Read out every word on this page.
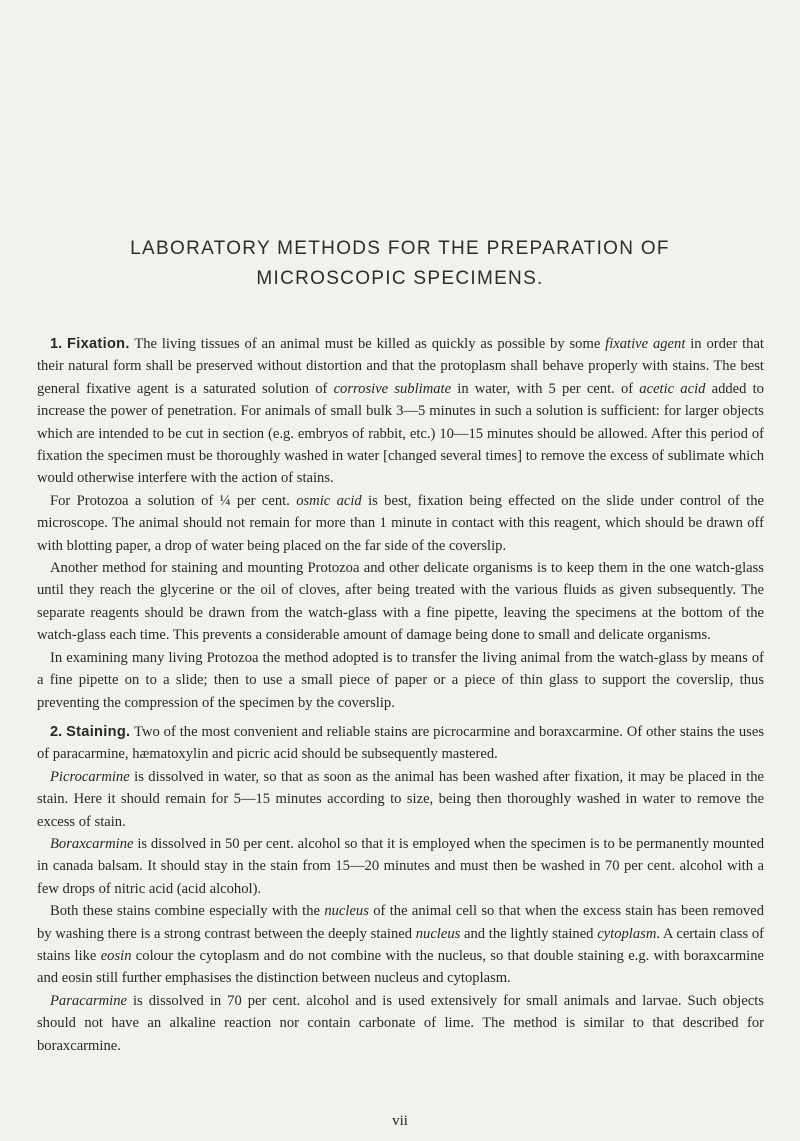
LABORATORY METHODS FOR THE PREPARATION OF
MICROSCOPIC SPECIMENS.

1. Fixation. The living tissues of an animal must be killed as quickly as possible by some fixative agent in order that their natural form shall be preserved without distortion and that the protoplasm shall behave properly with stains. The best general fixative agent is a saturated solution of corrosive sublimate in water, with 5 per cent. of acetic acid added to increase the power of penetration. For animals of small bulk 3—5 minutes in such a solution is sufficient: for larger objects which are intended to be cut in section (e.g. embryos of rabbit, etc.) 10—15 minutes should be allowed. After this period of fixation the specimen must be thoroughly washed in water [changed several times] to remove the excess of sublimate which would otherwise interfere with the action of stains.

For Protozoa a solution of ¼ per cent. osmic acid is best, fixation being effected on the slide under control of the microscope. The animal should not remain for more than 1 minute in contact with this reagent, which should be drawn off with blotting paper, a drop of water being placed on the far side of the coverslip.

Another method for staining and mounting Protozoa and other delicate organisms is to keep them in the one watch-glass until they reach the glycerine or the oil of cloves, after being treated with the various fluids as given subsequently. The separate reagents should be drawn from the watch-glass with a fine pipette, leaving the specimens at the bottom of the watch-glass each time. This prevents a considerable amount of damage being done to small and delicate organisms.

In examining many living Protozoa the method adopted is to transfer the living animal from the watch-glass by means of a fine pipette on to a slide; then to use a small piece of paper or a piece of thin glass to support the coverslip, thus preventing the compression of the specimen by the coverslip.

2. Staining. Two of the most convenient and reliable stains are picrocarmine and boraxcarmine. Of other stains the uses of paracarmine, hæmatoxylin and picric acid should be subsequently mastered.

Picrocarmine is dissolved in water, so that as soon as the animal has been washed after fixation, it may be placed in the stain. Here it should remain for 5—15 minutes according to size, being then thoroughly washed in water to remove the excess of stain.

Boraxcarmine is dissolved in 50 per cent. alcohol so that it is employed when the specimen is to be permanently mounted in canada balsam. It should stay in the stain from 15—20 minutes and must then be washed in 70 per cent. alcohol with a few drops of nitric acid (acid alcohol).

Both these stains combine especially with the nucleus of the animal cell so that when the excess stain has been removed by washing there is a strong contrast between the deeply stained nucleus and the lightly stained cytoplasm. A certain class of stains like eosin colour the cytoplasm and do not combine with the nucleus, so that double staining e.g. with boraxcarmine and eosin still further emphasises the distinction between nucleus and cytoplasm.

Paracarmine is dissolved in 70 per cent. alcohol and is used extensively for small animals and larvae. Such objects should not have an alkaline reaction nor contain carbonate of lime. The method is similar to that described for boraxcarmine.

vii
